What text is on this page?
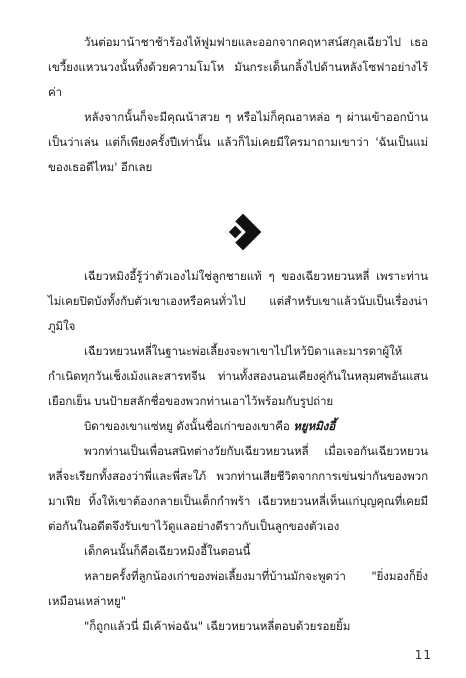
วันต่อมาน้าชาช้าร้องไห้ฟูมฟายและออกจากคฤหาสน์สกุลเฉียวไป เธอเขวี้ยงแหวนวงนั้นทิ้งด้วยความโมโห มันกระเด็นกลิ้งไปด้านหลังโซฟาอย่างไร้ค่า

หลังจากนั้นก็จะมีคุณน้าสวย ๆ หรือไม่ก็คุณอาหล่อ ๆ ผ่านเข้าออกบ้านเป็นว่าเล่น แต่ก็เพียงครั้งปีเท่านั้น แล้วก็ไม่เคยมีใครมาถามเขาว่า 'ฉันเป็นแม่ของเธอดีไหม' อีกเลย

เฉียวหมิงอี้รู้ว่าตัวเองไม่ใช่ลูกชายแท้ ๆ ของเฉียวหยวนหลี่ เพราะท่านไม่เคยปิดบังทั้งกับตัวเขาเองหรือคนทั่วไป แต่สำหรับเขาแล้วนับเป็นเรื่องน่าภูมิใจ

เฉียวหยวนหลี่ในฐานะพ่อเลี้ยงจะพาเขาไปไหว้บิดาและมารดาผู้ให้กำเนิดทุกวันเช็งเม้งและสารทจีน ท่านทั้งสองนอนเคียงคู่กันในหลุมศพอันแสนเยือกเย็น บนป้ายสลักชื่อของพวกท่านเอาไว้พร้อมกับรูปถ่าย

บิดาของเขาแซ่หยู ดังนั้นชื่อเก่าของเขาคือ หยูหมิงอี้

พวกท่านเป็นเพื่อนสนิทต่างวัยกับเฉียวหยวนหลี่ เมื่อเจอกันเฉียวหยวนหลี่จะเรียกทั้งสองว่าพี่และพี่สะใภ้ พวกท่านเสียชีวิตจากการเข่นฆ่ากันของพวกมาเฟีย ทิ้งให้เขาต้องกลายเป็นเด็กกำพร้า เฉียวหยวนหลี่เห็นแก่บุญคุณที่เคยมีต่อกันในอดีตจึงรับเขาไว้ดูแลอย่างดีราวกับเป็นลูกของตัวเอง

เด็กคนนั้นก็คือเฉียวหมิงอี้ในตอนนี้

หลายครั้งที่ลูกน้องเก่าของพ่อเลี้ยงมาที่บ้านมักจะพูดว่า "ยิ่งมองก็ยิ่งเหมือนเหล่าหยู"

"ก็ถูกแล้วนี่ มีเค้าพ่อฉัน" เฉียวหยวนหลี่ตอบด้วยรอยยิ้ม

11
